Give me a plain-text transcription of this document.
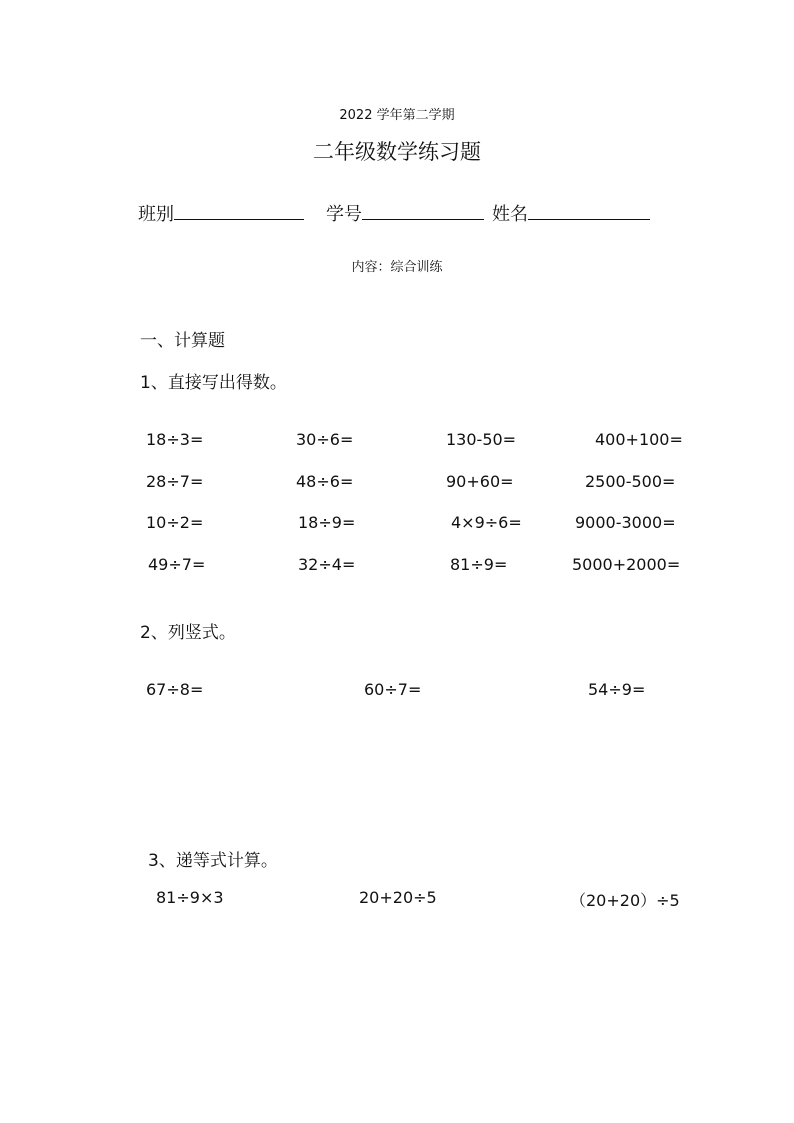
2022 学年第二学期
二年级数学练习题
班别	学号	姓名
内容：综合训练
一、计算题
1、直接写出得数。
18÷3=	30÷6=	130-50=	400+100=
28÷7=	48÷6=	90+60=	2500-500=
10÷2=	18÷9=	4×9÷6=	9000-3000=
49÷7=	32÷4=	81÷9=	5000+2000=
2、列竖式。
67÷8=	60÷7=	54÷9=
3、递等式计算。
81÷9×3	20+20÷5	（20+20）÷5
